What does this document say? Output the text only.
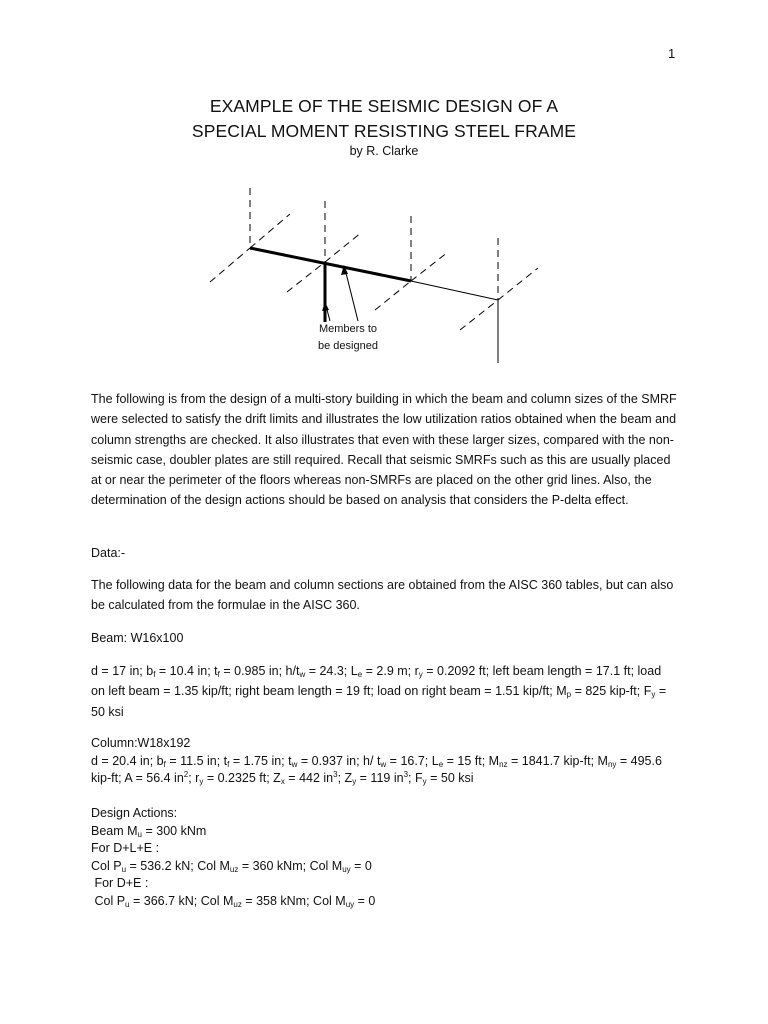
1
EXAMPLE OF THE SEISMIC DESIGN OF A
SPECIAL MOMENT RESISTING STEEL FRAME
by R. Clarke
Members to
be designed
The following is from the design of a multi-story building in which the beam and column sizes of the SMRF were selected to satisfy the drift limits and illustrates the low utilization ratios obtained when the beam and column strengths are checked. It also illustrates that even with these larger sizes, compared with the non-seismic case, doubler plates are still required. Recall that seismic SMRFs such as this are usually placed at or near the perimeter of the floors whereas non-SMRFs are placed on the other grid lines. Also, the determination of the design actions should be based on analysis that considers the P-delta effect.
Data:-
The following data for the beam and column sections are obtained from the AISC 360 tables, but can also be calculated from the formulae in the AISC 360.
Beam: W16x100
d = 17 in; $b_f = 10.4$ in; $t_f = 0.985$ in; $h/t_w = 24.3$; $L_e = 2.9$ m; $r_y = 0.2092$ ft; left beam length = 17.1 ft; load on left beam = 1.35 kip/ft; right beam length = 19 ft; load on right beam = 1.51 kip/ft; $M_p = 825$ kip-ft; $F_y = 50$ ksi
Column:W18x192
d = 20.4 in; $b_f = 11.5$ in; $t_f = 1.75$ in; $t_w = 0.937$ in; h/ $t_w = 16.7$; $L_e = 15$ ft; $M_{nz} = 1841.7$ kip-ft; $M_{ny} = 495.6$ kip-ft; A = 56.4 $in^2$; $r_y = 0.2325$ ft; $Z_x = 442$ $in^3$; $Z_y = 119$ $in^3$; $F_y = 50$ ksi
Design Actions:
Beam $M_u = 300$ kNm
For D+L+E :
Col $P_u = 536.2$ kN; Col $M_{uz} = 360$ kNm; Col $M_{uy} = 0$
For D+E :
Col $P_u = 366.7$ kN; Col $M_{uz} = 358$ kNm; Col $M_{uy} = 0$
